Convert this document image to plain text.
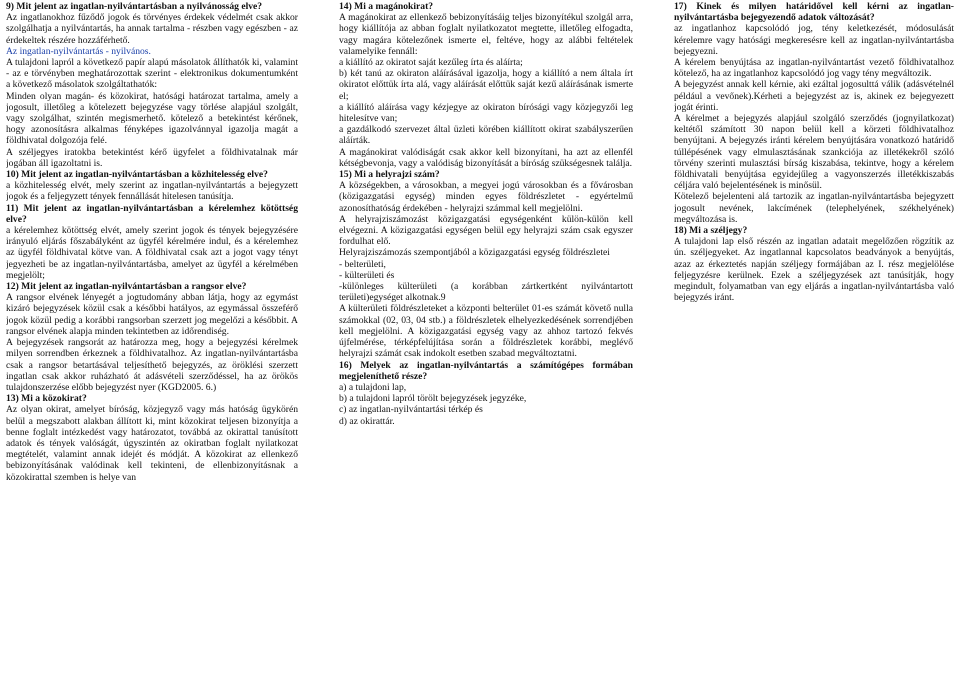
9) Mit jelent az ingatlan-nyilvántartásban a nyilvánosság elve?

Az ingatlanokhoz fűződő jogok és törvényes érdekek védelmét csak akkor szolgálhatja a nyilvántartás, ha annak tartalma - részben vagy egészben - az érdekeltek részére hozzáférhető.

Az ingatlan-nyilvántartás - nyilvános.

A tulajdoni lapról a következő papír alapú másolatok állíthatók ki, valamint - az e törvényben meghatározottak szerint - elektronikus dokumentumként a következő másolatok szolgáltathatók:

Minden olyan magán- és közokirat, hatósági határozat tartalma, amely a jogosult, illetőleg a kötelezett bejegyzése vagy törlése alapjául szolgált, vagy szolgálhat, szintén megismerhető. kötelező a betekintést kérőnek, hogy azonosításra alkalmas fényképes igazolvánnyal igazolja magát a földhivatal dolgozója felé.

A széljegyes iratokba betekintést kérő ügyfelet a földhivatalnak már jogában áll igazoltatni is.

10) Mit jelent az ingatlan-nyilvántartásban a közhitelesség elve?

a közhitelesség elvét, mely szerint az ingatlan-nyilvántartás a bejegyzett jogok és a feljegyzett tények fennállását hitelesen tanúsítja.

11) Mit jelent az ingatlan-nyilvántartásban a kérelemhez kötöttség elve?

a kérelemhez kötöttség elvét, amely szerint jogok és tények bejegyzésére irányuló eljárás főszabályként az ügyfél kérelmére indul, és a kérelemhez az ügyfél földhivatal kötve van. A földhivatal csak azt a jogot vagy tényt jegyezheti be az ingatlan-nyilvántartásba, amelyet az ügyfél a kérelmében megjelölt;

12) Mit jelent az ingatlan-nyilvántartásban a rangsor elve?

A rangsor elvének lényegét a jogtudomány abban látja, hogy az egymást kizáró bejegyzések közül csak a későbbi hatályos, az egymással összeférő jogok közül pedig a korábbi rangsorban szerzett jog megelőzi a későbbit. A rangsor elvének alapja minden tekintetben az időrendiség.

A bejegyzések rangsorát az határozza meg, hogy a bejegyzési kérelmek milyen sorrendben érkeznek a földhivatalhoz. Az ingatlan-nyilvántartásba csak a rangsor betartásával teljesíthető bejegyzés, az öröklési szerzett ingatlan csak akkor ruházható át adásvételi szerződéssel, ha az örökös tulajdonszerzése előbb bejegyzést nyer (KGD2005. 6.)

13) Mi a közokirat?

Az olyan okirat, amelyet bíróság, közjegyző vagy más hatóság ügykörén belül a megszabott alakban állított ki, mint közokirat teljesen bizonyítja a benne foglalt intézkedést vagy határozatot, továbbá az okirattal tanúsított adatok és tények valóságát, úgyszintén az okiratban foglalt nyilatkozat megtételét, valamint annak idejét és módját. A közokirat az ellenkező bebizonyításának valódinak kell tekinteni, de ellenbizonyításnak a közokirattal szemben is helye van

14) Mi a magánokirat?

A magánokirat az ellenkező bebizonyításáig teljes bizonyítékul szolgál arra, hogy kiállítója az abban foglalt nyilatkozatot megtette, illetőleg elfogadta, vagy magára kötelezőnek ismerte el, feltéve, hogy az alábbi feltételek valamelyike fennáll:

a kiállító az okiratot saját kezűleg írta és aláírta;

b) két tanú az okiraton aláírásával igazolja, hogy a kiállító a nem általa írt okiratot előttük írta alá, vagy aláírását előttük saját kezű aláírásának ismerte el;

a kiállító aláírása vagy kézjegye az okiraton bírósági vagy közjegyzői leg hitelesítve van;

a gazdálkodó szervezet által üzleti körében kiállított okirat szabályszerűen aláírták.

A magánokirat valódiságát csak akkor kell bizonyítani, ha azt az ellenfél kétségbevonja, vagy a valódiság bizonyítását a bíróság szükségesnek találja.

15) Mi a helyrajzi szám?

A községekben, a városokban, a megyei jogú városokban és a fővárosban (közigazgatási egység) minden egyes földrészletet - egyértelmű azonosíthatóság érdekében - helyrajzi számmal kell megjelölni.

A helyrajziszámozást közigazgatási egységenként külön-külön kell elvégezni. A közigazgatási egységen belül egy helyrajzi szám csak egyszer fordulhat elő.

Helyrajziszámozás szempontjából a közigazgatási egység földrészletei

- belterületi,

- külterületi és

-különleges külterületi (a korábban zártkertként nyilvántartott területi)egységet alkotnak.9

A külterületi földrészleteket a központi belterület 01-es számát követő nulla számokkal (02, 03, 04 stb.) a földrészletek elhelyezkedésének sorrendjében kell megjelölni. A közigazgatási egység vagy az ahhoz tartozó fekvés újfelmérése, térképfelújítása során a földrészletek korábbi, meglévő helyrajzi számát csak indokolt esetben szabad megváltoztatni.

16) Melyek az ingatlan-nyilvántartás a számítógépes formában megjeleníthető része?

a) a tulajdoni lap,

b) a tulajdoni lapról törölt bejegyzések jegyzéke,

c) az ingatlan-nyilvántartási térkép és

d) az okirattár.

17) Kinek és milyen határidővel kell kérni az ingatlan-nyilvántartásba bejegyezendő adatok változását?

az ingatlanhoz kapcsolódó jog, tény keletkezését, módosulását kérelemre vagy hatósági megkeresésre kell az ingatlan-nyilvántartásba bejegyezni.

A kérelem benyújtása az ingatlan-nyilvántartást vezető földhivatalhoz kötelező, ha az ingatlanhoz kapcsolódó jog vagy tény megváltozik.

A bejegyzést annak kell kérnie, aki ezáltal jogosulttá válik (adásvételnél például a vevőnek).Kérheti a bejegyzést az is, akinek ez bejegyezett jogát érinti.

A kérelmet a bejegyzés alapjául szolgáló szerződés (jognyilatkozat) keltétől számított 30 napon belül kell a körzeti földhivatalhoz benyújtani. A bejegyzés iránti kérelem benyújtására vonatkozó határidő túllépésének vagy elmulasztásának szankciója az illetékekről szóló törvény szerinti mulasztási bírság kiszabása, tekintve, hogy a kérelem földhivatali benyújtása egyidejűleg a vagyonszerzés illetékkiszabás céljára való bejelentésének is minősül.

Kötelező bejelenteni alá tartozik az ingatlan-nyilvántartásba bejegyzett jogosult nevének, lakcímének (telephelyének, székhelyének) megváltozása is.

18) Mi a széljegy?

A tulajdoni lap első részén az ingatlan adatait megelőzően rögzítik az ún. széljegyeket. Az ingatlannal kapcsolatos beadványok a benyújtás, azaz az érkeztetés napján széljegy formájában az I. rész megjelölése feljegyzésre kerülnek. Ezek a széljegyzések azt tanúsítják, hogy megindult, folyamatban van egy eljárás a ingatlan-nyilvántartásba való bejegyzés iránt.
